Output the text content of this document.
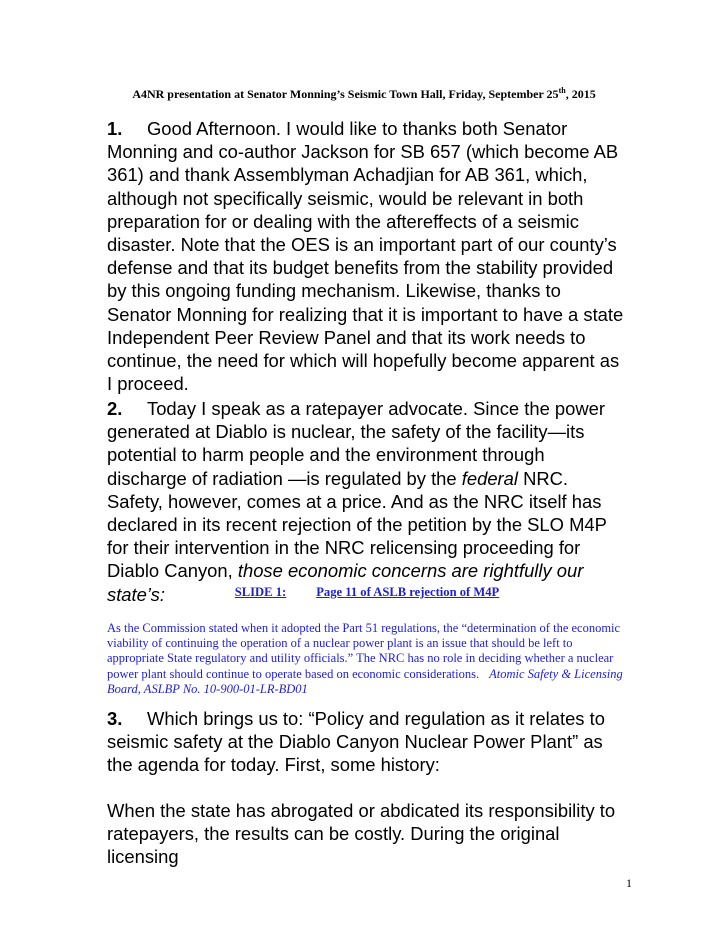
A4NR presentation at Senator Monning’s Seismic Town Hall, Friday, September 25th, 2015
1. Good Afternoon. I would like to thanks both Senator Monning and co-author Jackson for SB 657 (which become AB 361) and thank Assemblyman Achadjian for AB 361, which, although not specifically seismic, would be relevant in both preparation for or dealing with the aftereffects of a seismic disaster. Note that the OES is an important part of our county’s defense and that its budget benefits from the stability provided by this ongoing funding mechanism. Likewise, thanks to Senator Monning for realizing that it is important to have a state Independent Peer Review Panel and that its work needs to continue, the need for which will hopefully become apparent as I proceed.
2. Today I speak as a ratepayer advocate. Since the power generated at Diablo is nuclear, the safety of the facility—its potential to harm people and the environment through discharge of radiation —is regulated by the federal NRC. Safety, however, comes at a price. And as the NRC itself has declared in its recent rejection of the petition by the SLO M4P for their intervention in the NRC relicensing proceeding for Diablo Canyon, those economic concerns are rightfully our state’s:	SLIDE 1: Page 11 of ASLB rejection of M4P
As the Commission stated when it adopted the Part 51 regulations, the “determination of the economic viability of continuing the operation of a nuclear power plant is an issue that should be left to appropriate State regulatory and utility officials.” The NRC has no role in deciding whether a nuclear power plant should continue to operate based on economic considerations. Atomic Safety & Licensing Board, ASLBP No. 10-900-01-LR-BD01
3. Which brings us to: “Policy and regulation as it relates to seismic safety at the Diablo Canyon Nuclear Power Plant” as the agenda for today. First, some history:
When the state has abrogated or abdicated its responsibility to ratepayers, the results can be costly. During the original licensing
1
